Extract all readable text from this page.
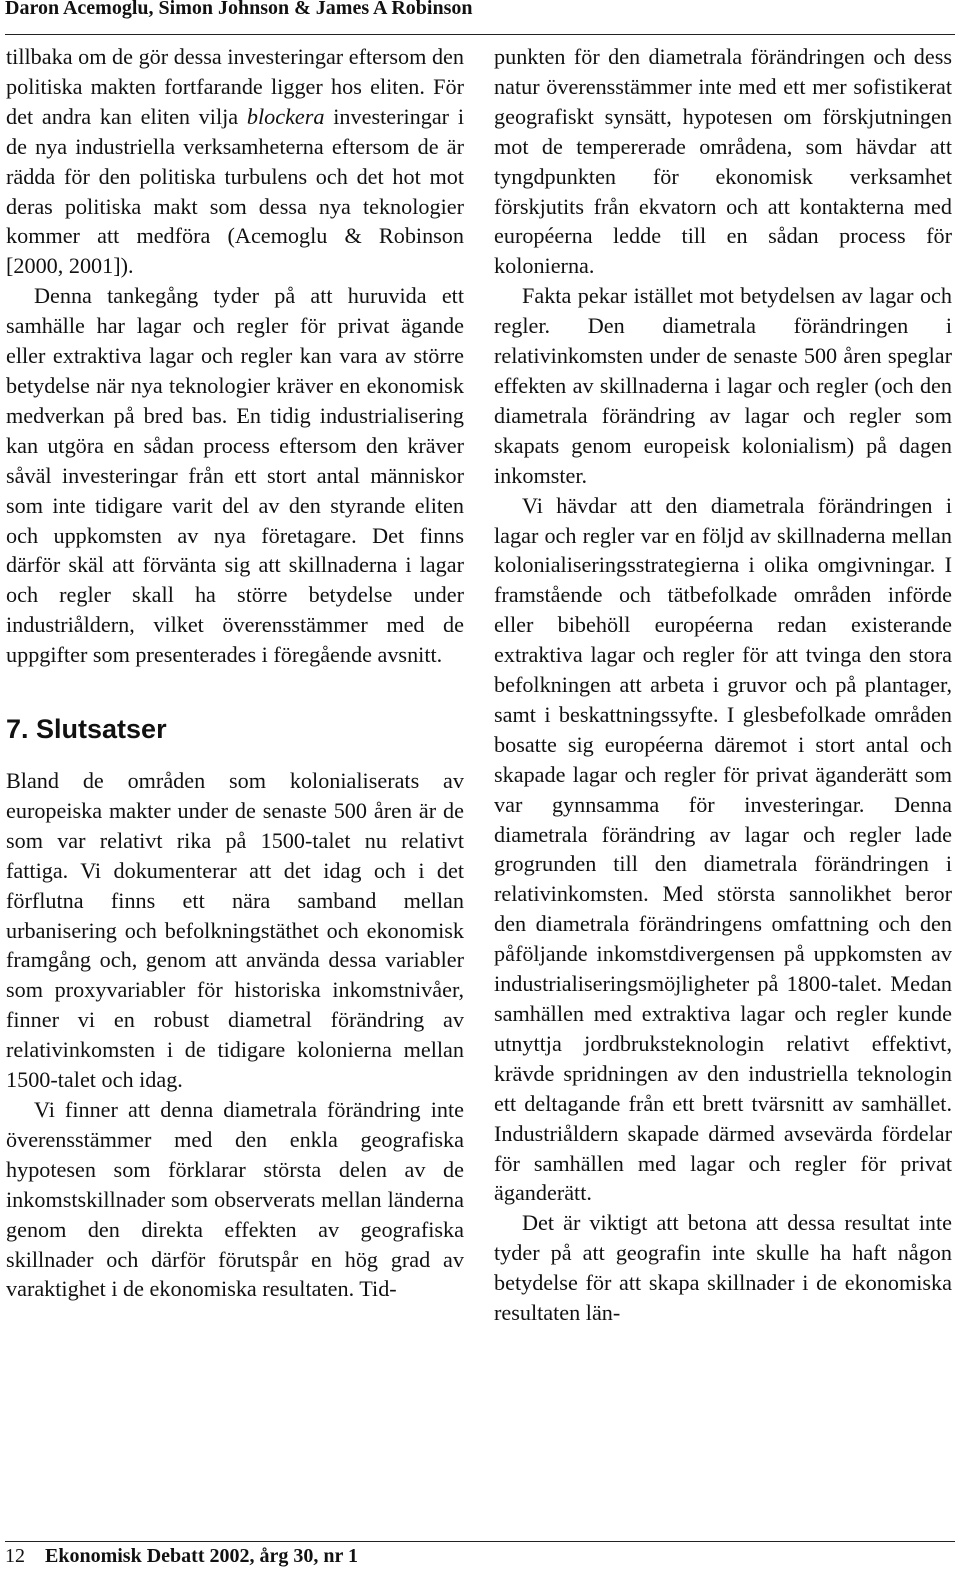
Daron Acemoglu, Simon Johnson & James A Robinson

tillbaka om de gör dessa investeringar eftersom den politiska makten fortfarande ligger hos eliten. För det andra kan eliten vilja blockera investeringar i de nya industriella verksamheterna eftersom de är rädda för den politiska turbulens och det hot mot deras politiska makt som dessa nya teknologier kommer att medföra (Acemoglu & Robinson [2000, 2001]).

Denna tankegång tyder på att huruvida ett samhälle har lagar och regler för privat ägande eller extraktiva lagar och regler kan vara av större betydelse när nya teknologier kräver en ekonomisk medverkan på bred bas. En tidig industrialisering kan utgöra en sådan process eftersom den kräver såväl investeringar från ett stort antal människor som inte tidigare varit del av den styrande eliten och uppkomsten av nya företagare. Det finns därför skäl att förvänta sig att skillnaderna i lagar och regler skall ha större betydelse under industriåldern, vilket överensstämmer med de uppgifter som presenterades i föregående avsnitt.

7. Slutsatser

Bland de områden som kolonialiserats av europeiska makter under de senaste 500 åren är de som var relativt rika på 1500-talet nu relativt fattiga. Vi dokumenterar att det idag och i det förflutna finns ett nära samband mellan urbanisering och befolkningstäthet och ekonomisk framgång och, genom att använda dessa variabler som proxyvariabler för historiska inkomstnivåer, finner vi en robust diametral förändring av relativinkomsten i de tidigare kolonierna mellan 1500-talet och idag.

Vi finner att denna diametrala förändring inte överensstämmer med den enkla geografiska hypotesen som förklarar största delen av de inkomstskillnader som observerats mellan länderna genom den direkta effekten av geografiska skillnader och därför förutspår en hög grad av varaktighet i de ekonomiska resultaten. Tid-

punkten för den diametrala förändringen och dess natur överensstämmer inte med ett mer sofistikerat geografiskt synsätt, hypotesen om förskjutningen mot de tempererade områdena, som hävdar att tyngdpunkten för ekonomisk verksamhet förskjutits från ekvatorn och att kontakterna med européerna ledde till en sådan process för kolonierna.

Fakta pekar istället mot betydelsen av lagar och regler. Den diametrala förändringen i relativinkomsten under de senaste 500 åren speglar effekten av skillnaderna i lagar och regler (och den diametrala förändring av lagar och regler som skapats genom europeisk kolonialism) på dagen inkomster.

Vi hävdar att den diametrala förändringen i lagar och regler var en följd av skillnaderna mellan kolonialiseringsstrategierna i olika omgivningar. I framstående och tätbefolkade områden införde eller bibehöll européerna redan existerande extraktiva lagar och regler för att tvinga den stora befolkningen att arbeta i gruvor och på plantager, samt i beskattningssyfte. I glesbefolkade områden bosatte sig européerna däremot i stort antal och skapade lagar och regler för privat äganderätt som var gynnsamma för investeringar. Denna diametrala förändring av lagar och regler lade grogrunden till den diametrala förändringen i relativinkomsten. Med största sannolikhet beror den diametrala förändringens omfattning och den påföljande inkomstdivergensen på uppkomsten av industrialiseringsmöjligheter på 1800-talet. Medan samhällen med extraktiva lagar och regler kunde utnyttja jordbruksteknologin relativt effektivt, krävde spridningen av den industriella teknologin ett deltagande från ett brett tvärsnitt av samhället. Industriåldern skapade därmed avsevärda fördelar för samhällen med lagar och regler för privat äganderätt.

Det är viktigt att betona att dessa resultat inte tyder på att geografin inte skulle ha haft någon betydelse för att skapa skillnader i de ekonomiska resultaten län-

12 Ekonomisk Debatt 2002, årg 30, nr 1
